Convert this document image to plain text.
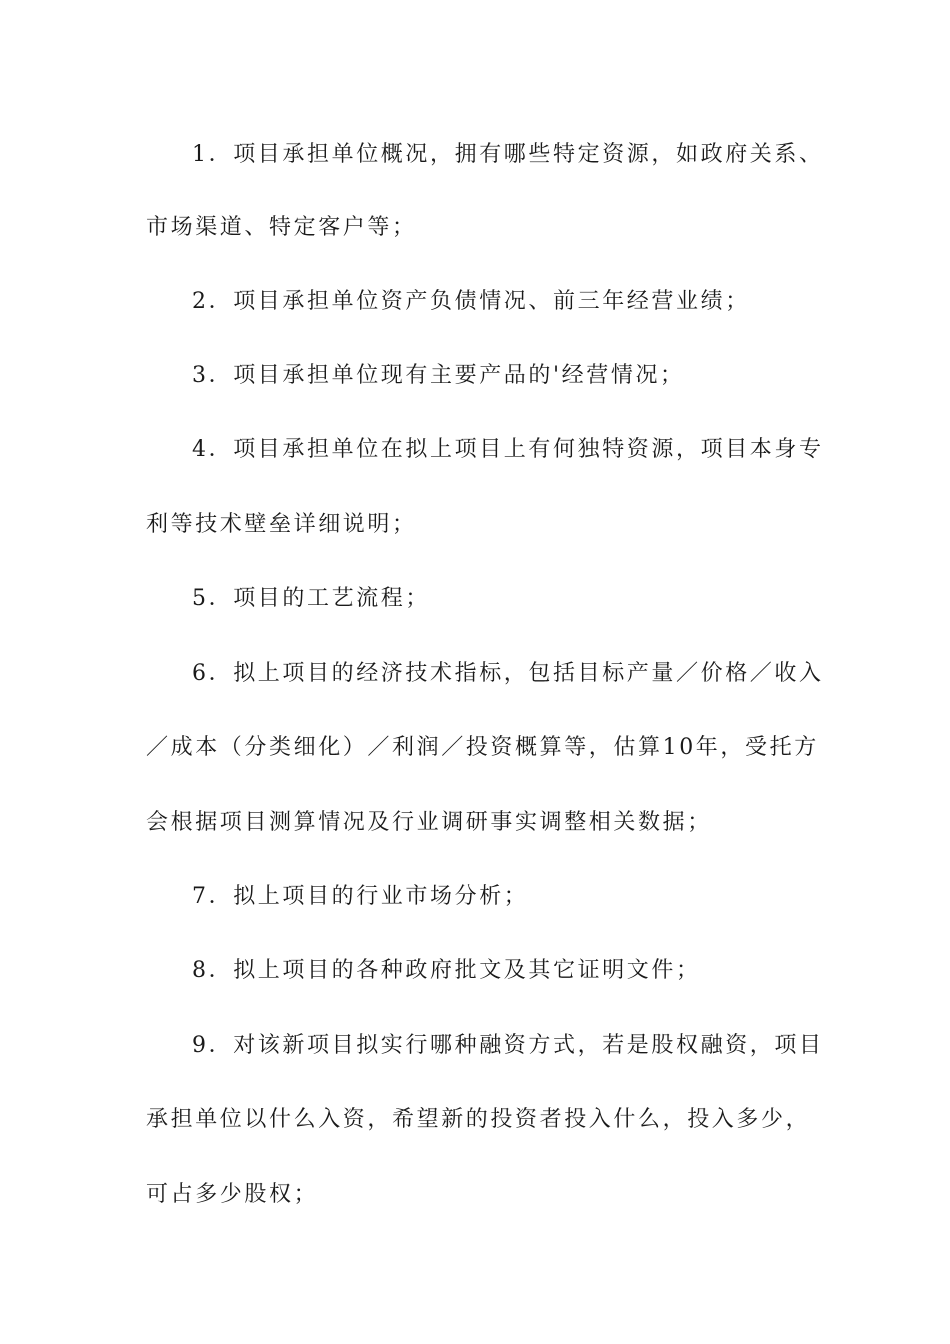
1．项目承担单位概况，拥有哪些特定资源，如政府关系、
市场渠道、特定客户等；
2．项目承担单位资产负债情况、前三年经营业绩；
3．项目承担单位现有主要产品的'经营情况；
4．项目承担单位在拟上项目上有何独特资源，项目本身专
利等技术壁垒详细说明；
5．项目的工艺流程；
6．拟上项目的经济技术指标，包括目标产量／价格／收入
／成本（分类细化）／利润／投资概算等，估算10年，受托方
会根据项目测算情况及行业调研事实调整相关数据；
7．拟上项目的行业市场分析；
8．拟上项目的各种政府批文及其它证明文件；
9．对该新项目拟实行哪种融资方式，若是股权融资，项目
承担单位以什么入资，希望新的投资者投入什么，投入多少，
可占多少股权；
